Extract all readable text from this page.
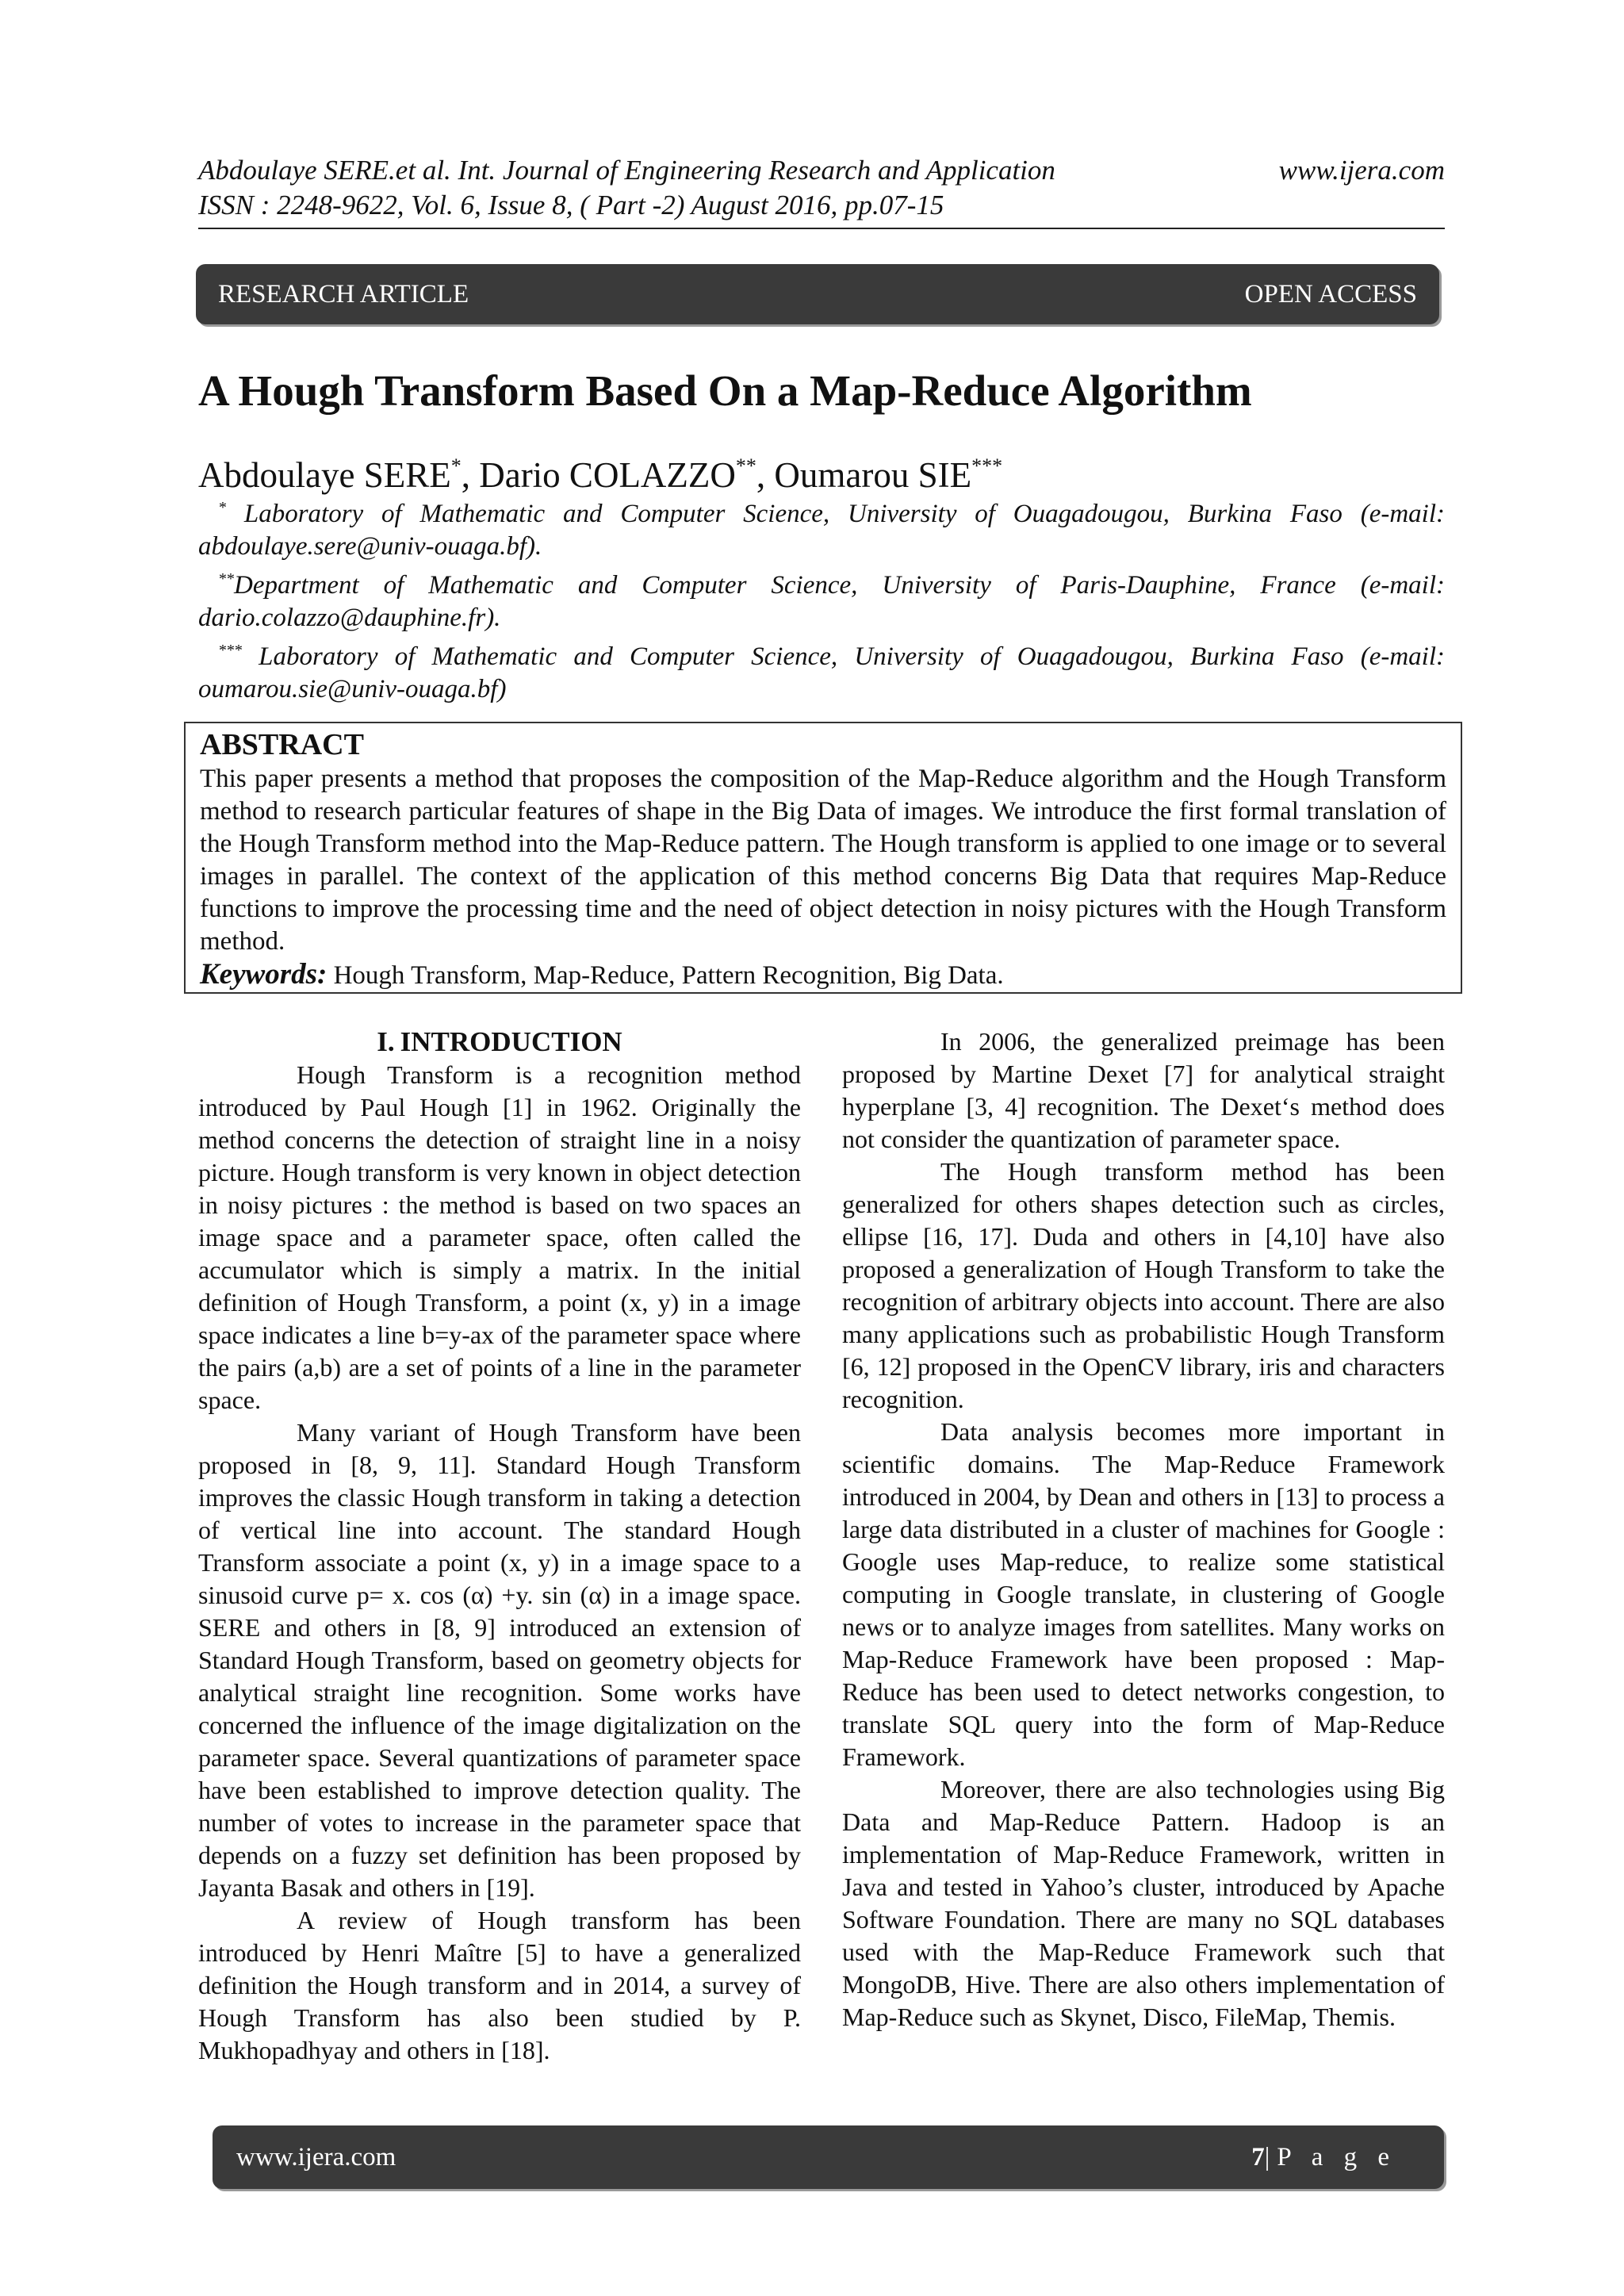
Abdoulaye SERE.et al. Int. Journal of Engineering Research and Application	www.ijera.com
ISSN : 2248-9622, Vol. 6, Issue 8, ( Part -2) August 2016, pp.07-15
RESEARCH ARTICLE	OPEN ACCESS
A Hough Transform Based On a Map-Reduce Algorithm
Abdoulaye SERE*, Dario COLAZZO**, Oumarou SIE***

* Laboratory of Mathematic and Computer Science, University of Ouagadougou, Burkina Faso (e-mail: abdoulaye.sere@univ-ouaga.bf).

**Department of Mathematic and Computer Science, University of Paris-Dauphine, France (e-mail: dario.colazzo@dauphine.fr).

*** Laboratory of Mathematic and Computer Science, University of Ouagadougou, Burkina Faso (e-mail: oumarou.sie@univ-ouaga.bf)

ABSTRACT

This paper presents a method that proposes the composition of the Map-Reduce algorithm and the Hough Transform method to research particular features of shape in the Big Data of images. We introduce the first formal translation of the Hough Transform method into the Map-Reduce pattern. The Hough transform is applied to one image or to several images in parallel. The context of the application of this method concerns Big Data that requires Map-Reduce functions to improve the processing time and the need of object detection in noisy pictures with the Hough Transform method.

Keywords: Hough Transform, Map-Reduce, Pattern Recognition, Big Data.

I. INTRODUCTION

Hough Transform is a recognition method introduced by Paul Hough [1] in 1962. Originally the method concerns the detection of straight line in a noisy picture. Hough transform is very known in object detection in noisy pictures : the method is based on two spaces an image space and a parameter space, often called the accumulator which is simply a matrix. In the initial definition of Hough Transform, a point (x, y) in a image space indicates a line b=y-ax of the parameter space where the pairs (a,b) are a set of points of a line in the parameter space.

Many variant of Hough Transform have been proposed in [8, 9, 11]. Standard Hough Transform improves the classic Hough transform in taking a detection of vertical line into account. The standard Hough Transform associate a point (x, y) in a image space to a sinusoid curve p= x. cos (α) +y. sin (α) in a image space. SERE and others in [8, 9] introduced an extension of Standard Hough Transform, based on geometry objects for analytical straight line recognition. Some works have concerned the influence of the image digitalization on the parameter space. Several quantizations of parameter space have been established to improve detection quality. The number of votes to increase in the parameter space that depends on a fuzzy set definition has been proposed by Jayanta Basak and others in [19].

A review of Hough transform has been introduced by Henri Maître [5] to have a generalized definition the Hough transform and in 2014, a survey of Hough Transform has also been studied by P. Mukhopadhyay and others in [18].

In 2006, the generalized preimage has been proposed by Martine Dexet [7] for analytical straight hyperplane [3, 4] recognition. The Dexet‘s method does not consider the quantization of parameter space.

The Hough transform method has been generalized for others shapes detection such as circles, ellipse [16, 17]. Duda and others in [4,10] have also proposed a generalization of Hough Transform to take the recognition of arbitrary objects into account. There are also many applications such as probabilistic Hough Transform [6, 12] proposed in the OpenCV library, iris and characters recognition.

Data analysis becomes more important in scientific domains. The Map-Reduce Framework introduced in 2004, by Dean and others in [13] to process a large data distributed in a cluster of machines for Google : Google uses Map-reduce, to realize some statistical computing in Google translate, in clustering of Google news or to analyze images from satellites. Many works on Map-Reduce Framework have been proposed : Map-Reduce has been used to detect networks congestion, to translate SQL query into the form of Map-Reduce Framework.

Moreover, there are also technologies using Big Data and Map-Reduce Pattern. Hadoop is an implementation of Map-Reduce Framework, written in Java and tested in Yahoo’s cluster, introduced by Apache Software Foundation. There are many no SQL databases used with the Map-Reduce Framework such that MongoDB, Hive. There are also others implementation of Map-Reduce such as Skynet, Disco, FileMap, Themis.

www.ijera.com	7|P a g e
